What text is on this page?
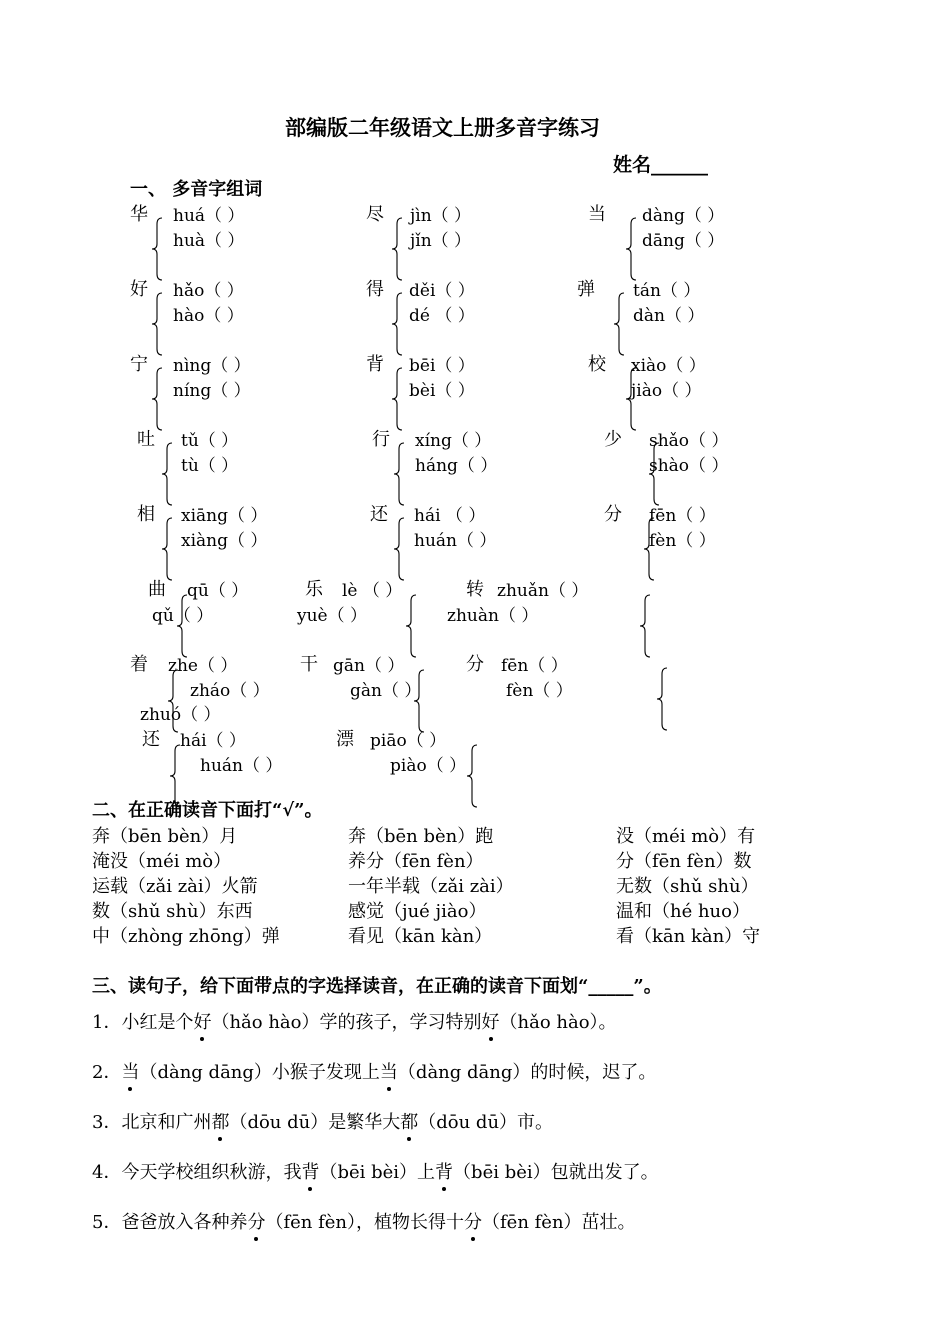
部编版二年级语文上册多音字练习
姓名______
一、 多音字组词
华 huá（ ）
huà（ ）
尽 jìn（ ）
jǐn（ ）
当 dàng（ ）
dāng（ ）
好 hǎo（ ）
hào（ ）
得 děi（ ）
dé （ ）
弹 tán（ ）
dàn（ ）
宁 nìng（ ）
níng（ ）
背 bēi（ ）
bèi（ ）
校 xiào（ ）
jiào（ ）
吐 tǔ（ ）
tù（ ）
行 xíng（ ）
háng（ ）
少 shǎo（ ）
shào（ ）
相 xiāng（ ）
xiàng（ ）
还 hái （ ）
huán（ ）
分 fēn（ ）
fèn（ ）
曲 qū（ ）
qǔ（ ）
乐 lè （ ）
yuè（ ）
转 zhuǎn（ ）
zhuàn（ ）
着 zhe（ ）
zháo（ ）
zhuó（ ）
干 gān（ ）
gàn（ ）
分 fēn（ ）
fèn（ ）
还 hái（ ）
huán（ ）
漂 piāo（ ）
piào（ ）
二、在正确读音下面打“√”。
奔（bēn bèn）月	奔（bēn bèn）跑	没（méi mò）有
淹没（méi mò）	养分（fēn fèn）	分（fēn fèn）数
运载（zǎi zài）火箭	一年半载（zǎi zài）	无数（shǔ shù）
数（shǔ shù）东西	感觉（jué jiào）	温和（hé huo）
中（zhòng zhōng）弹	看见（kān kàn）	看（kān kàn）守
三、读句子，给下面带点的字选择读音，在正确的读音下面划“_____”。
1．小红是个好（hǎo hào）学的孩子，学习特别好（hǎo hào）。
2．当（dàng dāng）小猴子发现上当（dàng dāng）的时候，迟了。
3．北京和广州都（dōu dū）是繁华大都（dōu dū）市。
4．今天学校组织秋游，我背（bēi bèi）上背（bēi bèi）包就出发了。
5．爸爸放入各种养分（fēn fèn），植物长得十分（fēn fèn）茁壮。
